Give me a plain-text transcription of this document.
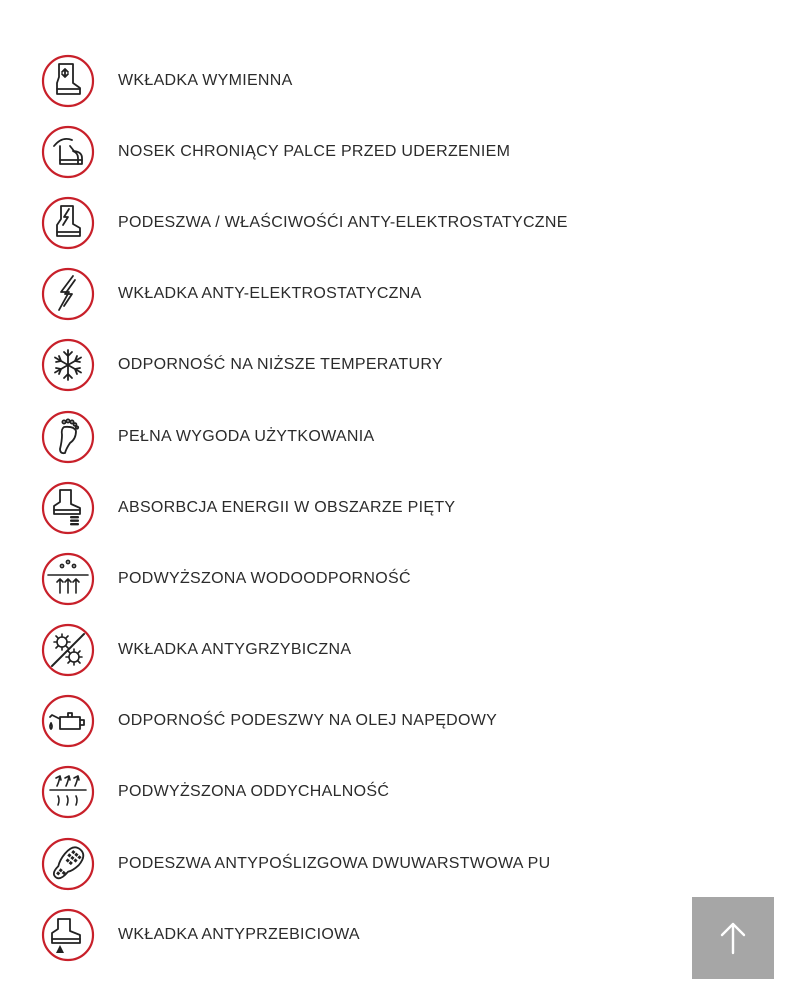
WKŁADKA WYMIENNA
NOSEK CHRONIĄCY PALCE PRZED UDERZENIEM
PODESZWA / WŁAŚCIWOŚĆI ANTY-ELEKTROSTATYCZNE
WKŁADKA ANTY-ELEKTROSTATYCZNA
ODPORNOŚĆ NA NIŻSZE TEMPERATURY
PEŁNA WYGODA UŻYTKOWANIA
ABSORBCJA ENERGII W OBSZARZE PIĘTY
PODWYŻSZONA WODOODPORNOŚĆ
WKŁADKA ANTYGRZYBICZNA
ODPORNOŚĆ PODESZWY NA OLEJ NAPĘDOWY
PODWYŻSZONA ODDYCHALNOŚĆ
PODESZWA ANTYPOŚLIZGOWA DWUWARSTWOWA PU
WKŁADKA ANTYPRZEBICIOWA
